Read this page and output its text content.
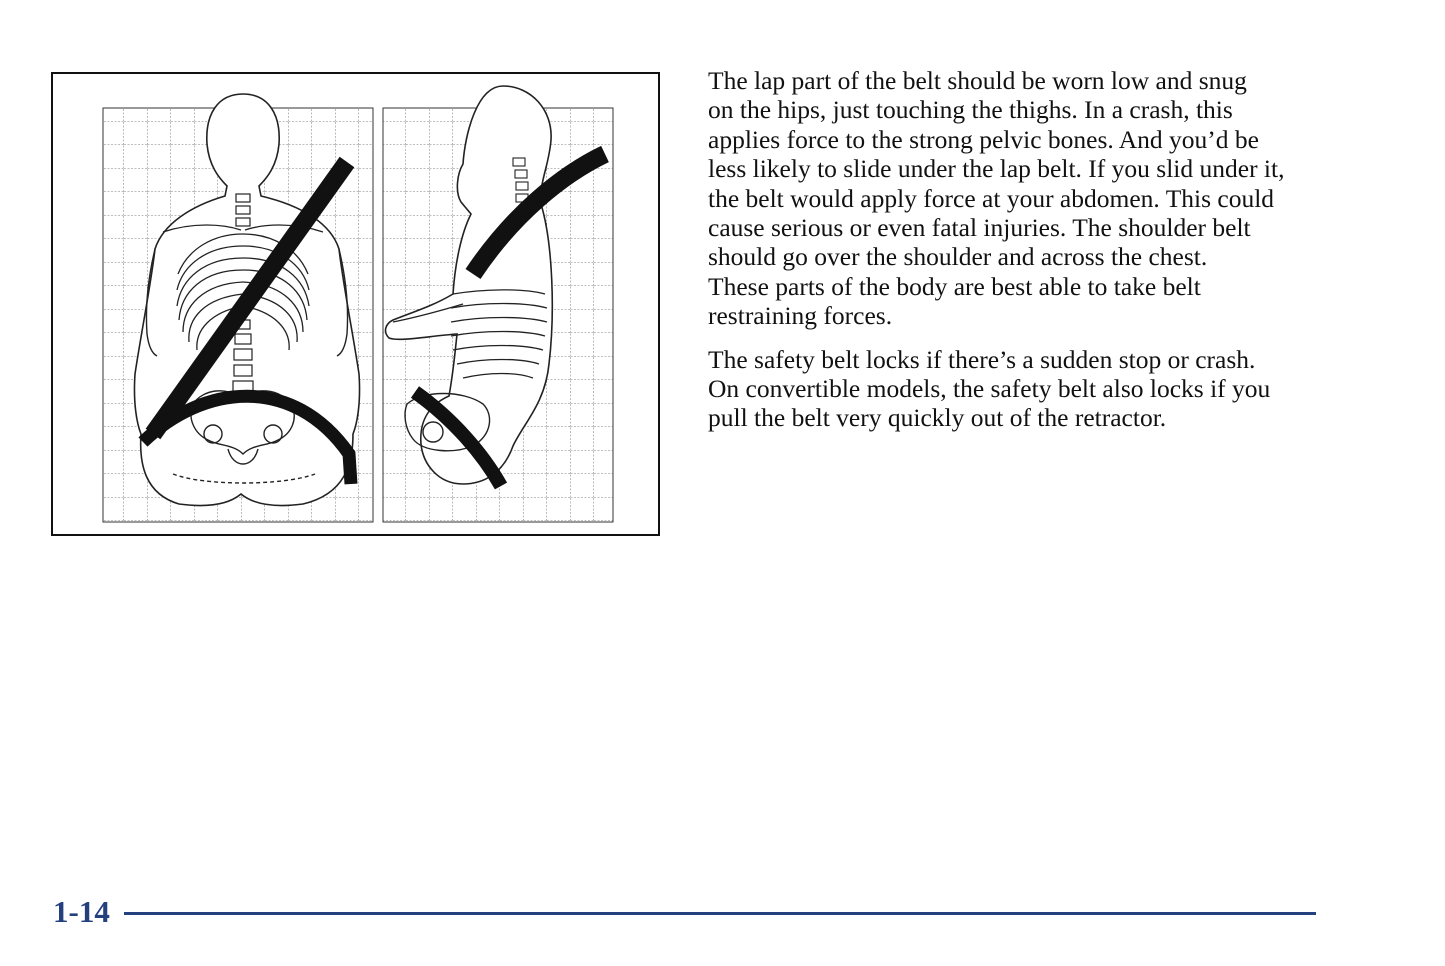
The lap part of the belt should be worn low and snug
on the hips, just touching the thighs. In a crash, this
applies force to the strong pelvic bones. And you’d be
less likely to slide under the lap belt. If you slid under it,
the belt would apply force at your abdomen. This could
cause serious or even fatal injuries. The shoulder belt
should go over the shoulder and across the chest.
These parts of the body are best able to take belt
restraining forces.

The safety belt locks if there’s a sudden stop or crash.
On convertible models, the safety belt also locks if you
pull the belt very quickly out of the retractor.

1-14
